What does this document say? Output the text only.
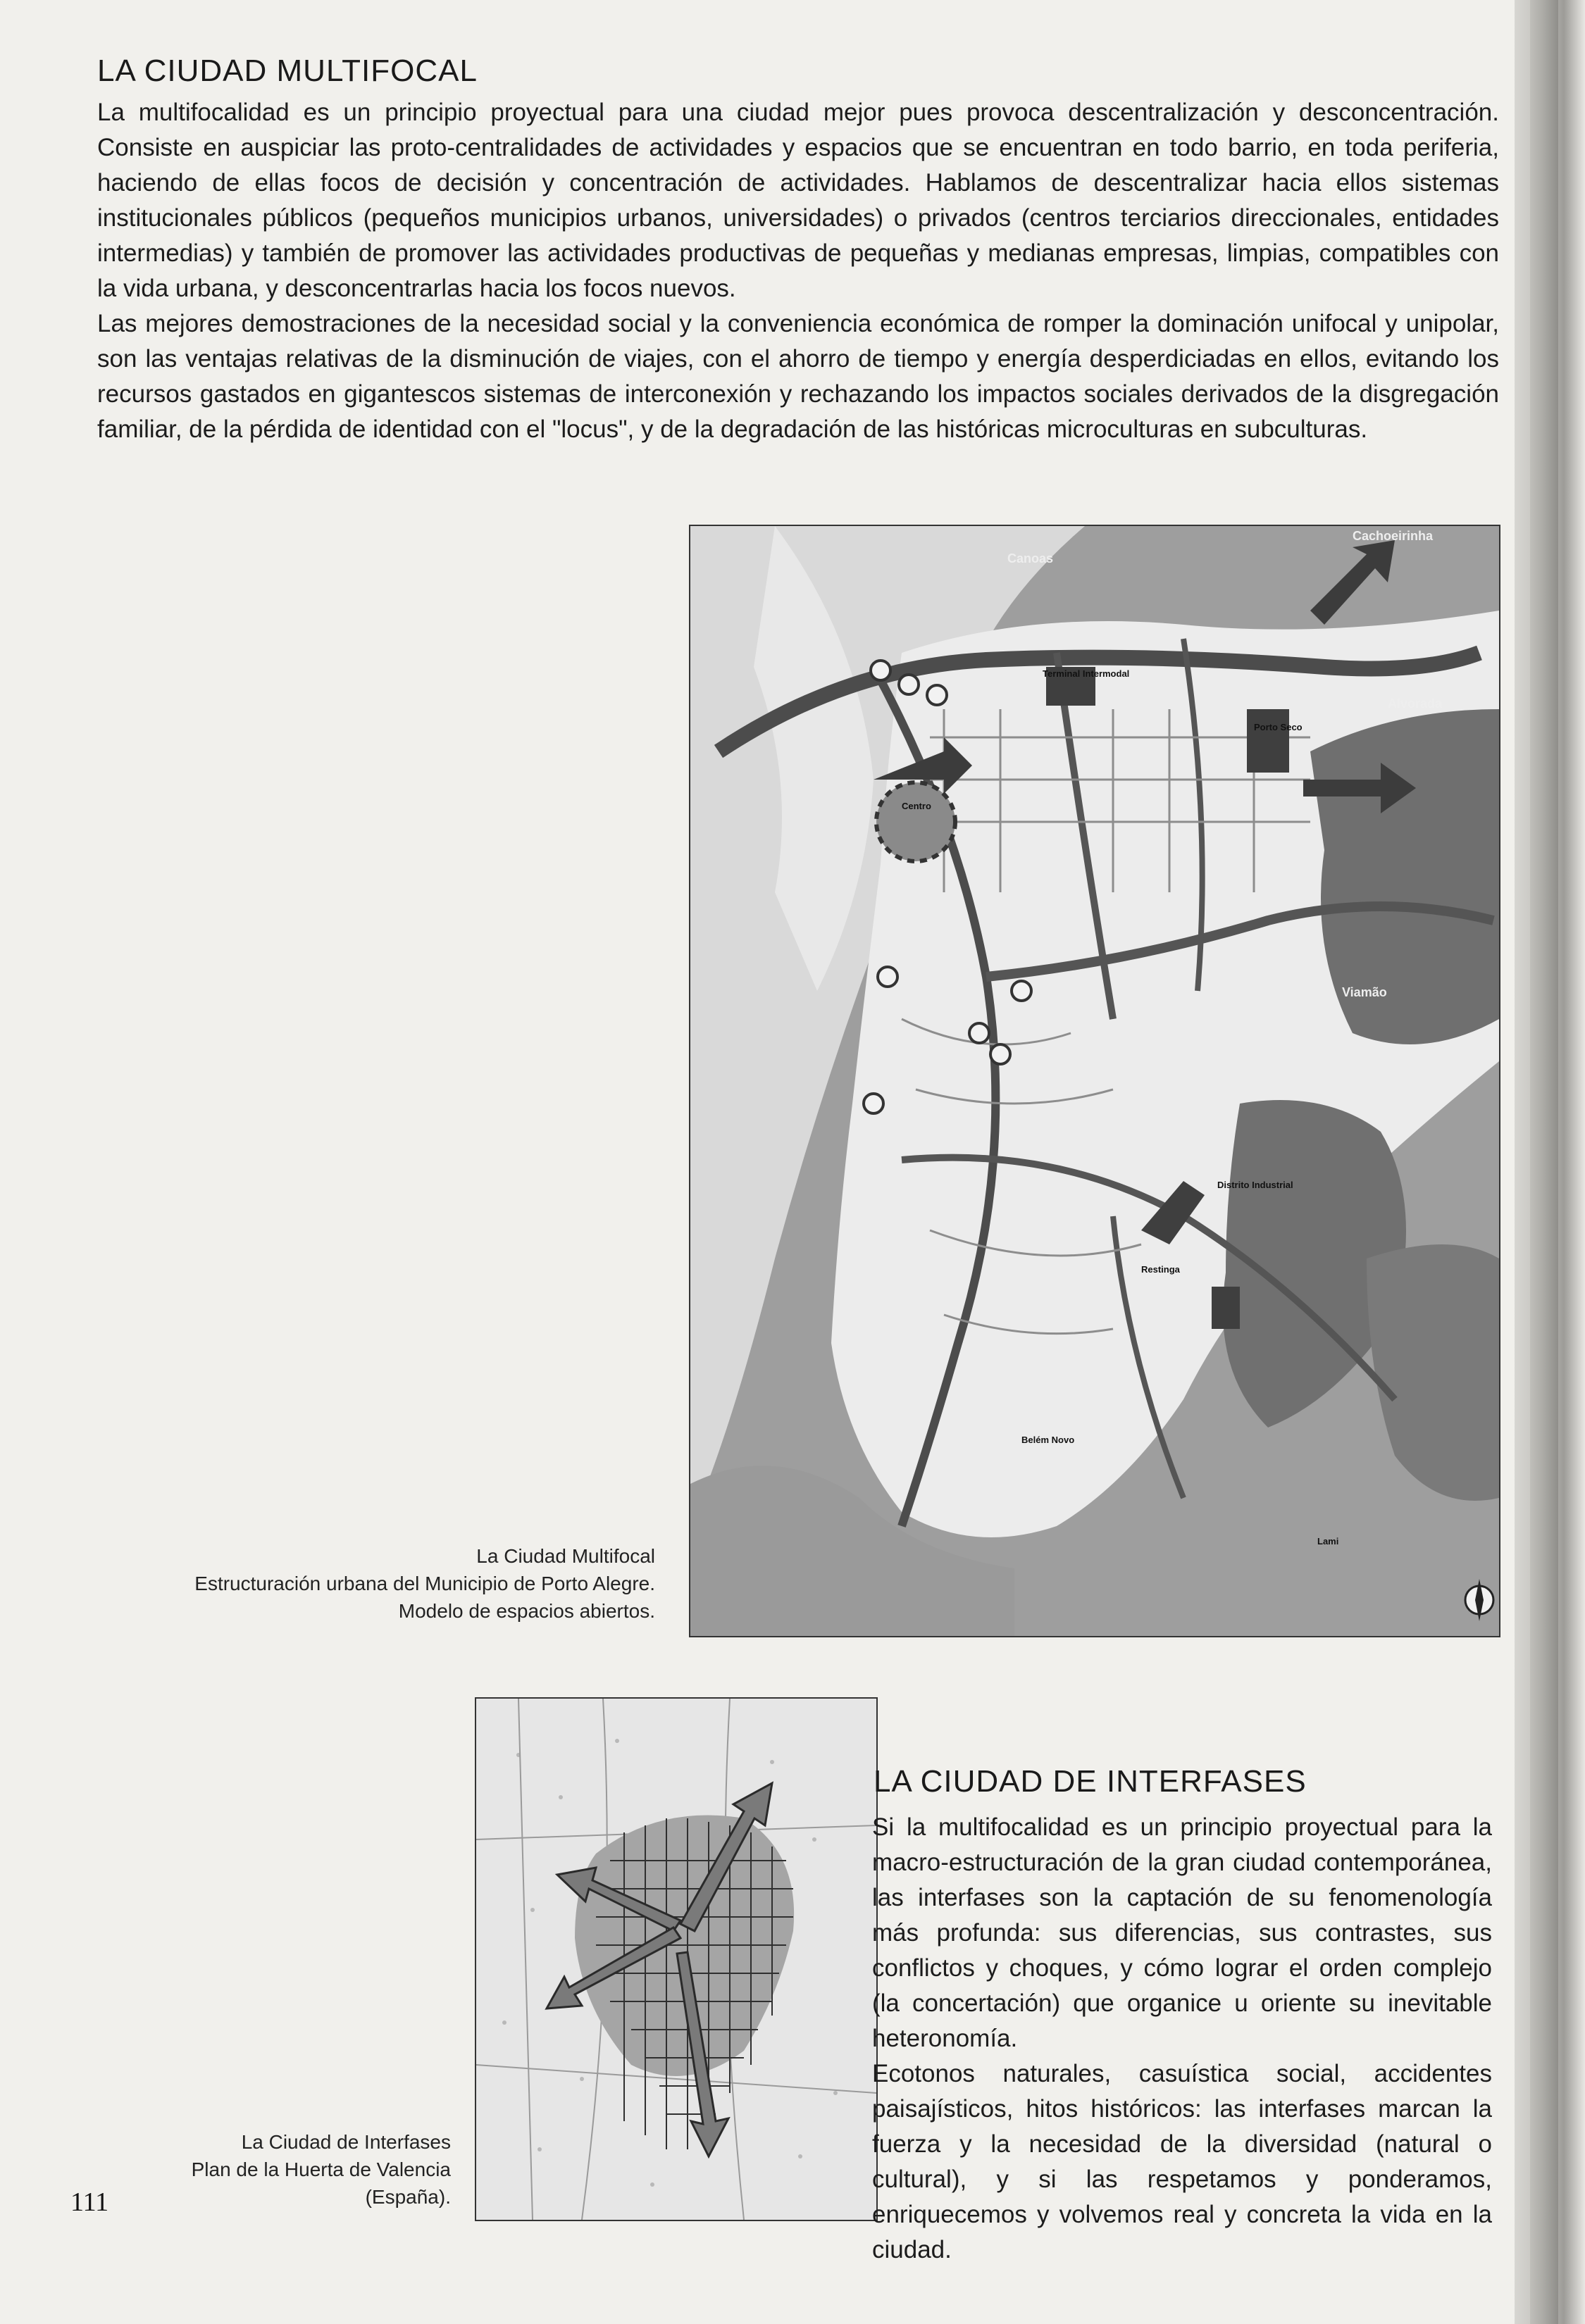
LA CIUDAD MULTIFOCAL

La multifocalidad es un principio proyectual para una ciudad mejor pues provoca descentralización y desconcentración. Consiste en auspiciar las proto-centralidades de actividades y espacios que se encuentran en todo barrio, en toda periferia, haciendo de ellas focos de decisión y concentración de actividades. Hablamos de descentralizar hacia ellos sistemas institucionales públicos (pequeños municipios urbanos, universidades) o privados (centros terciarios direccionales, entidades intermedias) y también de promover las actividades productivas de pequeñas y medianas empresas, limpias, compatibles con la vida urbana, y desconcentrarlas hacia los focos nuevos.

Las mejores demostraciones de la necesidad social y la conveniencia económica de romper la dominación unifocal y unipolar, son las ventajas relativas de la disminución de viajes, con el ahorro de tiempo y energía desperdiciadas en ellos, evitando los recursos gastados en gigantescos sistemas de interconexión y rechazando los impactos sociales derivados de la disgregación familiar, de la pérdida de identidad con el "locus", y de la degradación de las históricas microculturas en subculturas.

Canoas
Cachoeirinha
Alvorada
Viamão
Terminal Intermodal
Porto Seco
Centro
Distrito Industrial
Restinga
Belém Novo
Lami
La Ciudad Multifocal
Estructuración urbana del Municipio de Porto Alegre.
Modelo de espacios abiertos.
La Ciudad de Interfases
Plan de la Huerta de Valencia
(España).
LA CIUDAD DE INTERFASES

Si la multifocalidad es un principio proyectual para la macro-estructuración de la gran ciudad contemporánea, las interfases son la captación de su fenomenología más profunda: sus diferencias, sus contrastes, sus conflictos y choques, y cómo lograr el orden complejo (la concertación) que organice u oriente su inevitable heteronomía.

Ecotonos naturales, casuística social, accidentes paisajísticos, hitos históricos: las interfases marcan la fuerza y la necesidad de la diversidad (natural o cultural), y si las respetamos y ponderamos, enriquecemos y volvemos real y concreta la vida en la ciudad.

111
